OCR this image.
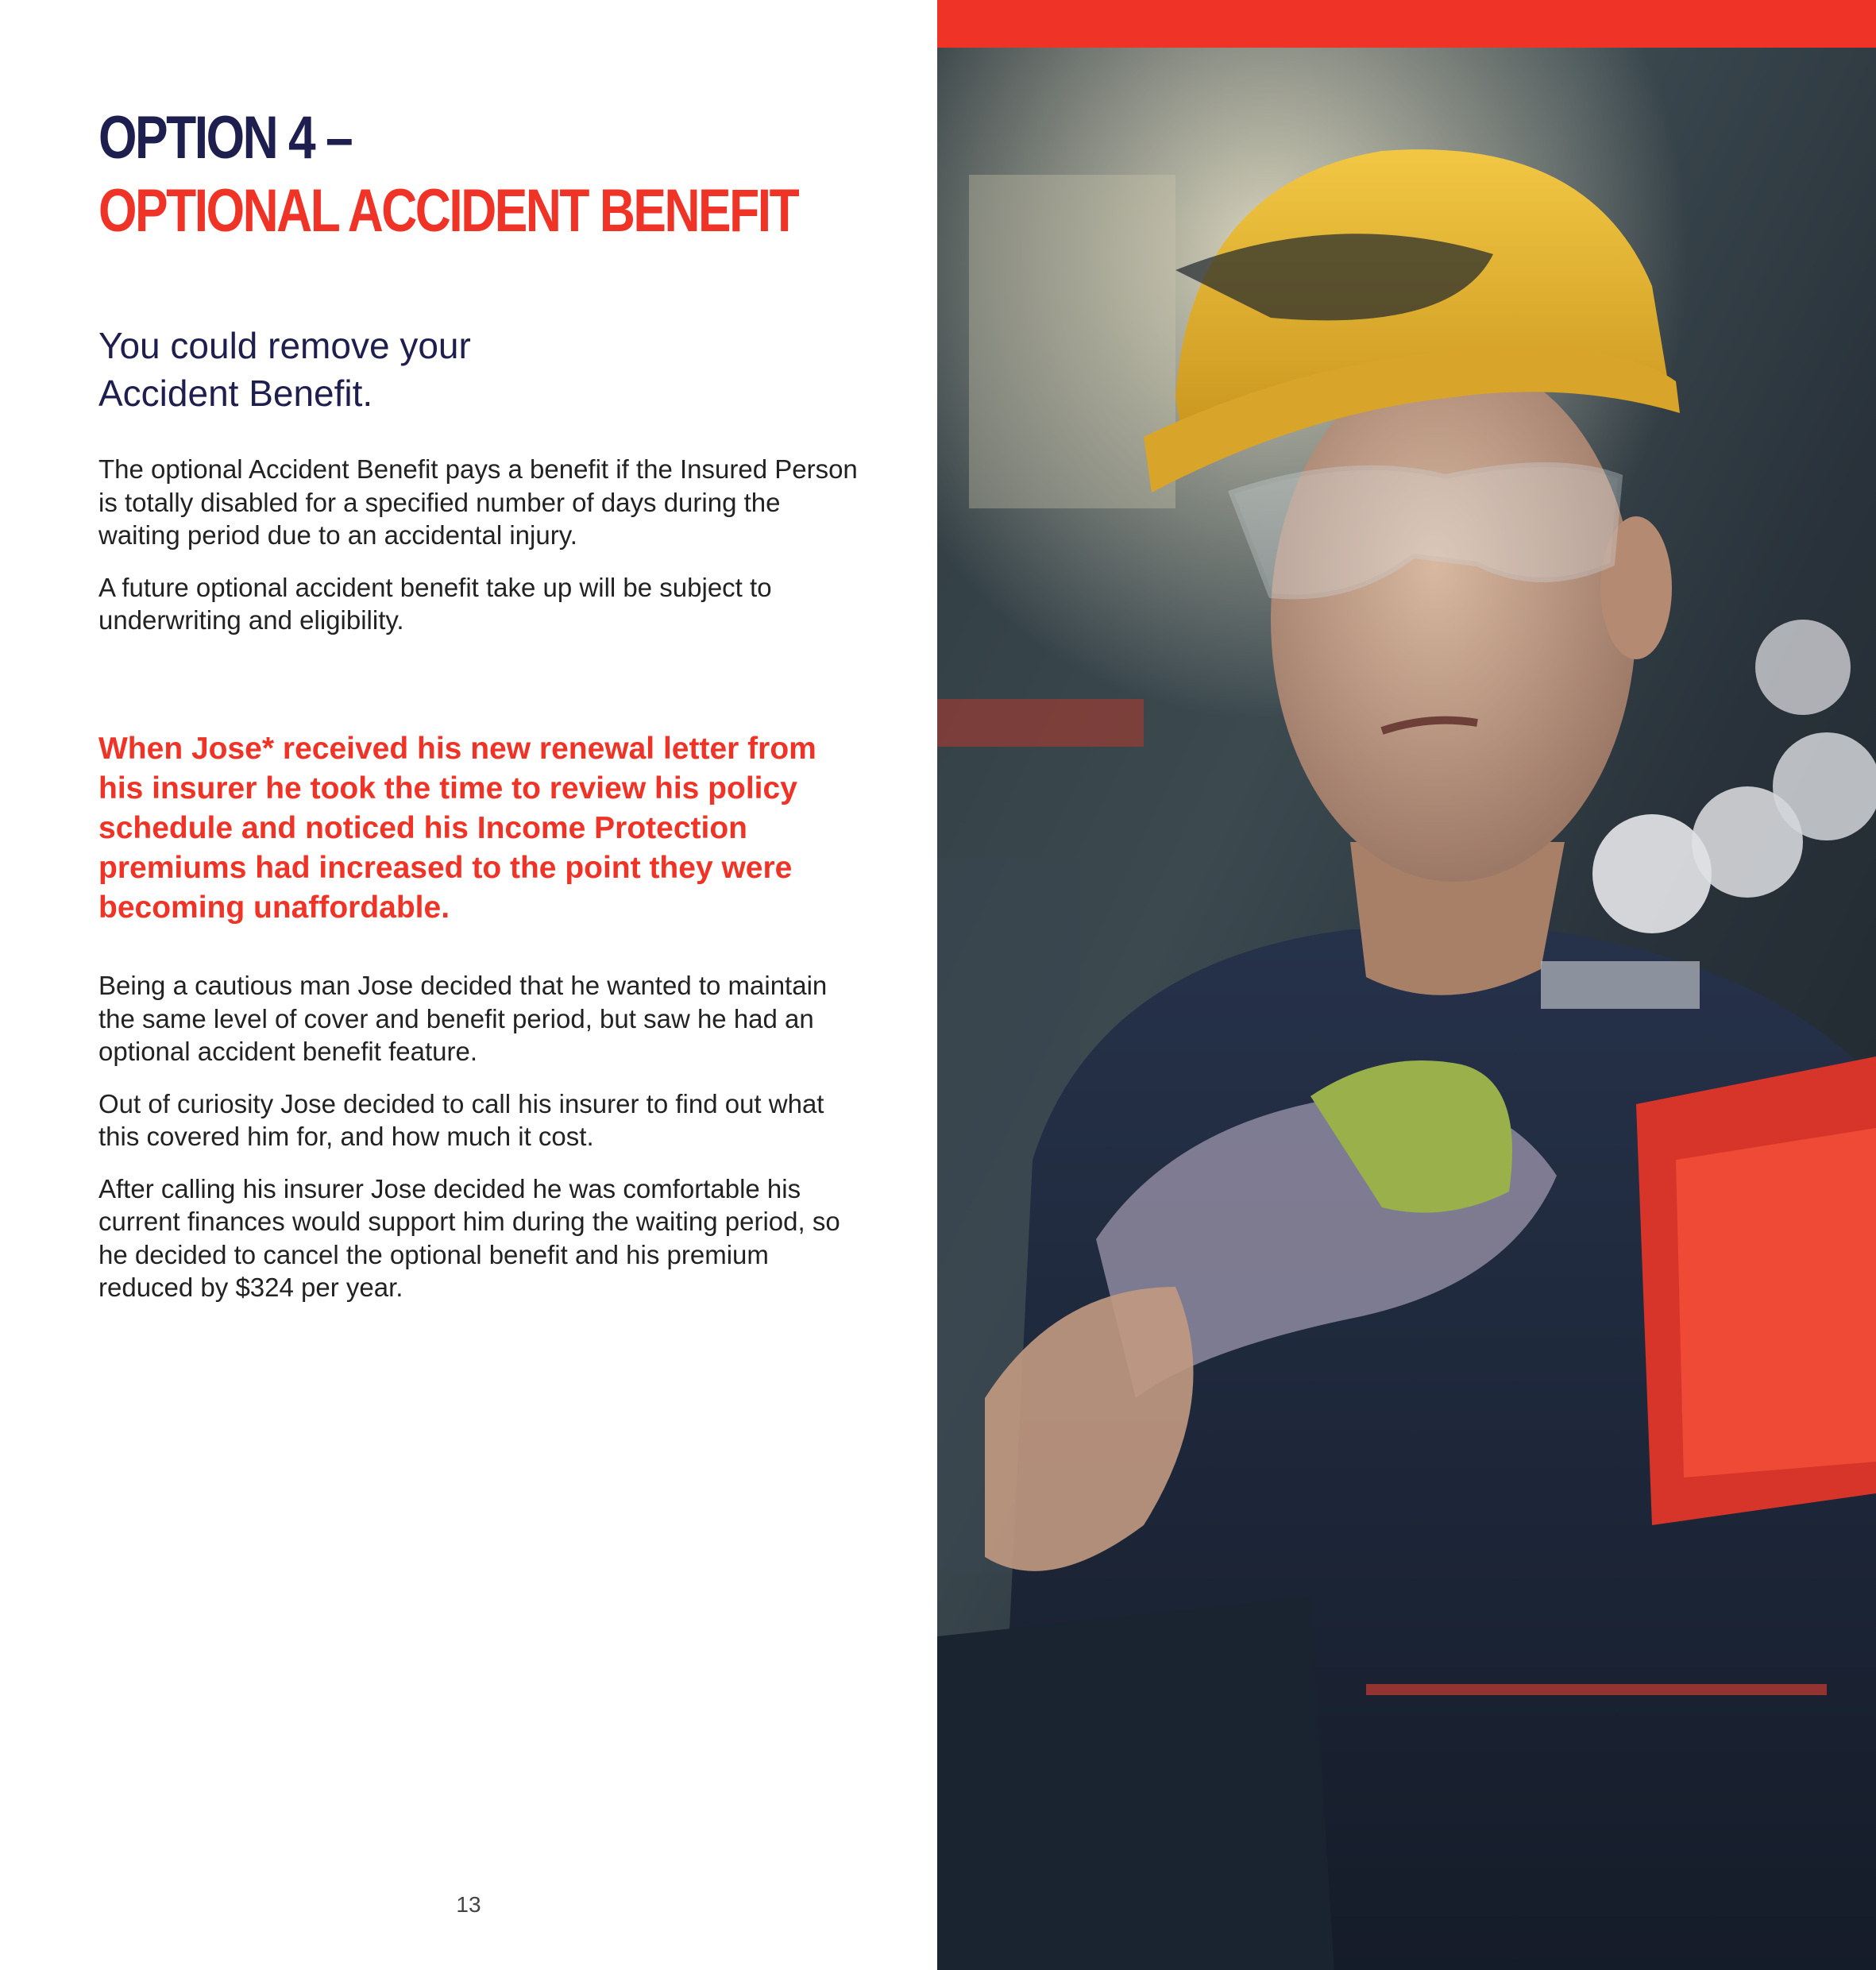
OPTION 4 –
OPTIONAL ACCIDENT BENEFIT
You could remove your
Accident Benefit.

The optional Accident Benefit pays a benefit if the Insured Person is totally disabled for a specified number of days during the waiting period due to an accidental injury.

A future optional accident benefit take up will be subject to underwriting and eligibility.

When Jose* received his new renewal letter from his insurer he took the time to review his policy schedule and noticed his Income Protection premiums had increased to the point they were becoming unaffordable.

Being a cautious man Jose decided that he wanted to maintain the same level of cover and benefit period, but saw he had an optional accident benefit feature.

Out of curiosity Jose decided to call his insurer to find out what this covered him for, and how much it cost.

After calling his insurer Jose decided he was comfortable his current finances would support him during the waiting period, so he decided to cancel the optional benefit and his premium reduced by $324 per year.

13
